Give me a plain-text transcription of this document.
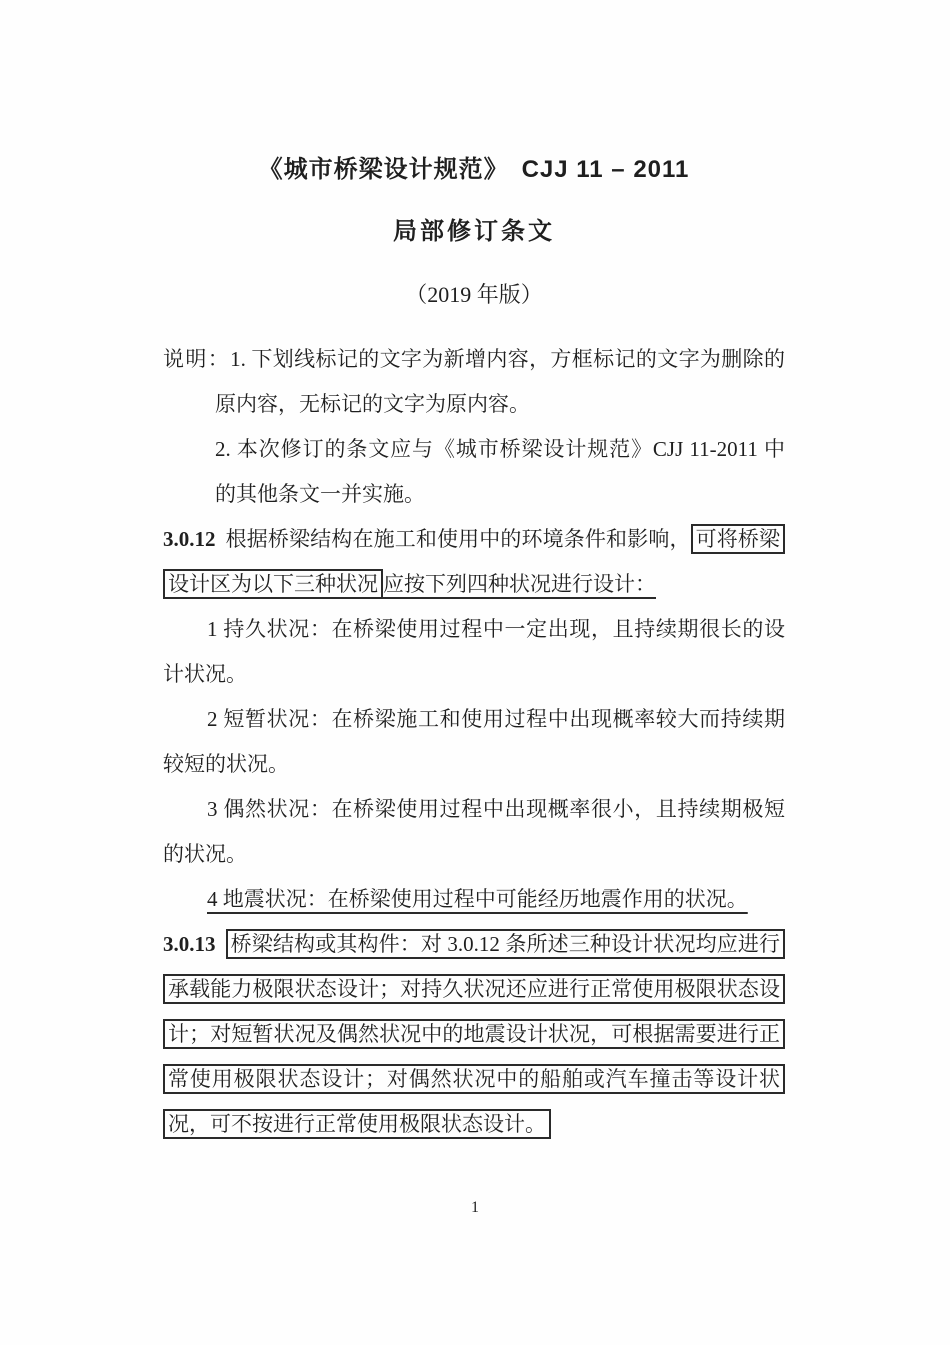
《城市桥梁设计规范》　CJJ 11 – 2011
局部修订条文
（2019 年版）

说明：1. 下划线标记的文字为新增内容，方框标记的文字为删除的原内容，无标记的文字为原内容。

2. 本次修订的条文应与《城市桥梁设计规范》CJJ 11-2011 中的其他条文一并实施。

3.0.12 根据桥梁结构在施工和使用中的环境条件和影响， 可将桥梁设计区为以下三种状况 应按下列四种状况进行设计：

1 持久状况：在桥梁使用过程中一定出现，且持续期很长的设计状况。

2 短暂状况：在桥梁施工和使用过程中出现概率较大而持续期较短的状况。

3 偶然状况：在桥梁使用过程中出现概率很小，且持续期极短的状况。

4 地震状况：在桥梁使用过程中可能经历地震作用的状况。

3.0.13 桥梁结构或其构件：对 3.0.12 条所述三种设计状况均应进行承载能力极限状态设计；对持久状况还应进行正常使用极限状态设计；对短暂状况及偶然状况中的地震设计状况，可根据需要进行正常使用极限状态设计；对偶然状况中的船舶或汽车撞击等设计状况，可不按进行正常使用极限状态设计。

1
